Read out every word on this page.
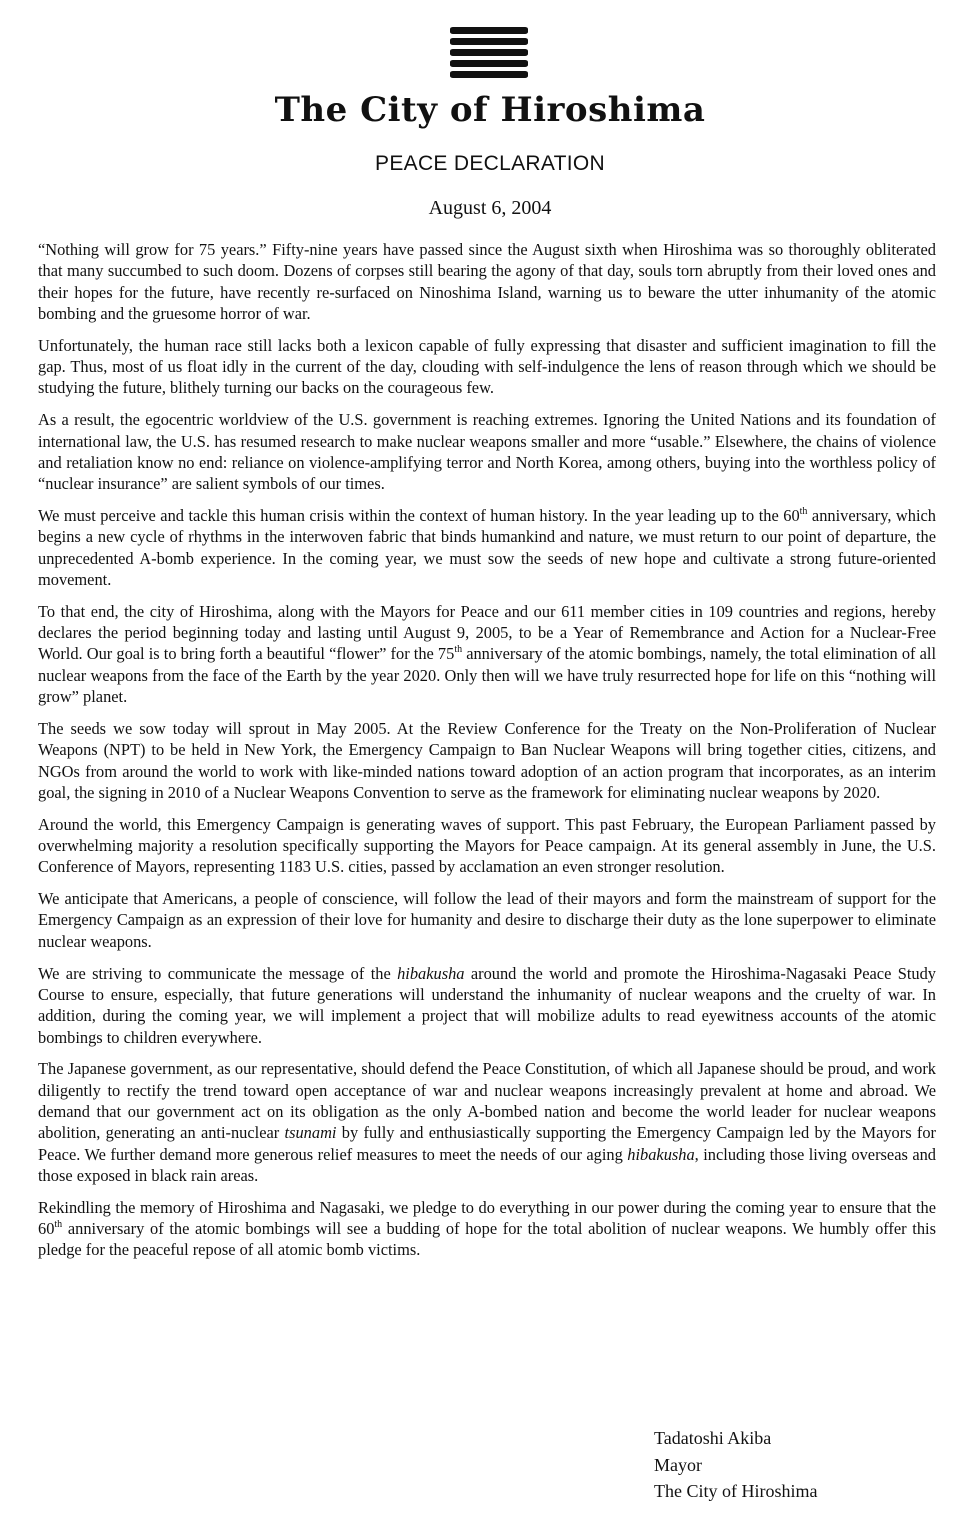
The City of Hiroshima
PEACE DECLARATION
August 6, 2004

“Nothing will grow for 75 years.” Fifty-nine years have passed since the August sixth when Hiroshima was so thoroughly obliterated that many succumbed to such doom. Dozens of corpses still bearing the agony of that day, souls torn abruptly from their loved ones and their hopes for the future, have recently re-surfaced on Ninoshima Island, warning us to beware the utter inhumanity of the atomic bombing and the gruesome horror of war.

Unfortunately, the human race still lacks both a lexicon capable of fully expressing that disaster and sufficient imagination to fill the gap. Thus, most of us float idly in the current of the day, clouding with self-indulgence the lens of reason through which we should be studying the future, blithely turning our backs on the courageous few.

As a result, the egocentric worldview of the U.S. government is reaching extremes. Ignoring the United Nations and its foundation of international law, the U.S. has resumed research to make nuclear weapons smaller and more “usable.” Elsewhere, the chains of violence and retaliation know no end: reliance on violence-amplifying terror and North Korea, among others, buying into the worthless policy of “nuclear insurance” are salient symbols of our times.

We must perceive and tackle this human crisis within the context of human history. In the year leading up to the 60th anniversary, which begins a new cycle of rhythms in the interwoven fabric that binds humankind and nature, we must return to our point of departure, the unprecedented A-bomb experience. In the coming year, we must sow the seeds of new hope and cultivate a strong future-oriented movement.

To that end, the city of Hiroshima, along with the Mayors for Peace and our 611 member cities in 109 countries and regions, hereby declares the period beginning today and lasting until August 9, 2005, to be a Year of Remembrance and Action for a Nuclear-Free World. Our goal is to bring forth a beautiful “flower” for the 75th anniversary of the atomic bombings, namely, the total elimination of all nuclear weapons from the face of the Earth by the year 2020. Only then will we have truly resurrected hope for life on this “nothing will grow” planet.

The seeds we sow today will sprout in May 2005. At the Review Conference for the Treaty on the Non-Proliferation of Nuclear Weapons (NPT) to be held in New York, the Emergency Campaign to Ban Nuclear Weapons will bring together cities, citizens, and NGOs from around the world to work with like-minded nations toward adoption of an action program that incorporates, as an interim goal, the signing in 2010 of a Nuclear Weapons Convention to serve as the framework for eliminating nuclear weapons by 2020.

Around the world, this Emergency Campaign is generating waves of support. This past February, the European Parliament passed by overwhelming majority a resolution specifically supporting the Mayors for Peace campaign. At its general assembly in June, the U.S. Conference of Mayors, representing 1183 U.S. cities, passed by acclamation an even stronger resolution.

We anticipate that Americans, a people of conscience, will follow the lead of their mayors and form the mainstream of support for the Emergency Campaign as an expression of their love for humanity and desire to discharge their duty as the lone superpower to eliminate nuclear weapons.

We are striving to communicate the message of the hibakusha around the world and promote the Hiroshima-Nagasaki Peace Study Course to ensure, especially, that future generations will understand the inhumanity of nuclear weapons and the cruelty of war. In addition, during the coming year, we will implement a project that will mobilize adults to read eyewitness accounts of the atomic bombings to children everywhere.

The Japanese government, as our representative, should defend the Peace Constitution, of which all Japanese should be proud, and work diligently to rectify the trend toward open acceptance of war and nuclear weapons increasingly prevalent at home and abroad. We demand that our government act on its obligation as the only A-bombed nation and become the world leader for nuclear weapons abolition, generating an anti-nuclear tsunami by fully and enthusiastically supporting the Emergency Campaign led by the Mayors for Peace. We further demand more generous relief measures to meet the needs of our aging hibakusha, including those living overseas and those exposed in black rain areas.

Rekindling the memory of Hiroshima and Nagasaki, we pledge to do everything in our power during the coming year to ensure that the 60th anniversary of the atomic bombings will see a budding of hope for the total abolition of nuclear weapons. We humbly offer this pledge for the peaceful repose of all atomic bomb victims.

Tadatoshi Akiba
Mayor
The City of Hiroshima
